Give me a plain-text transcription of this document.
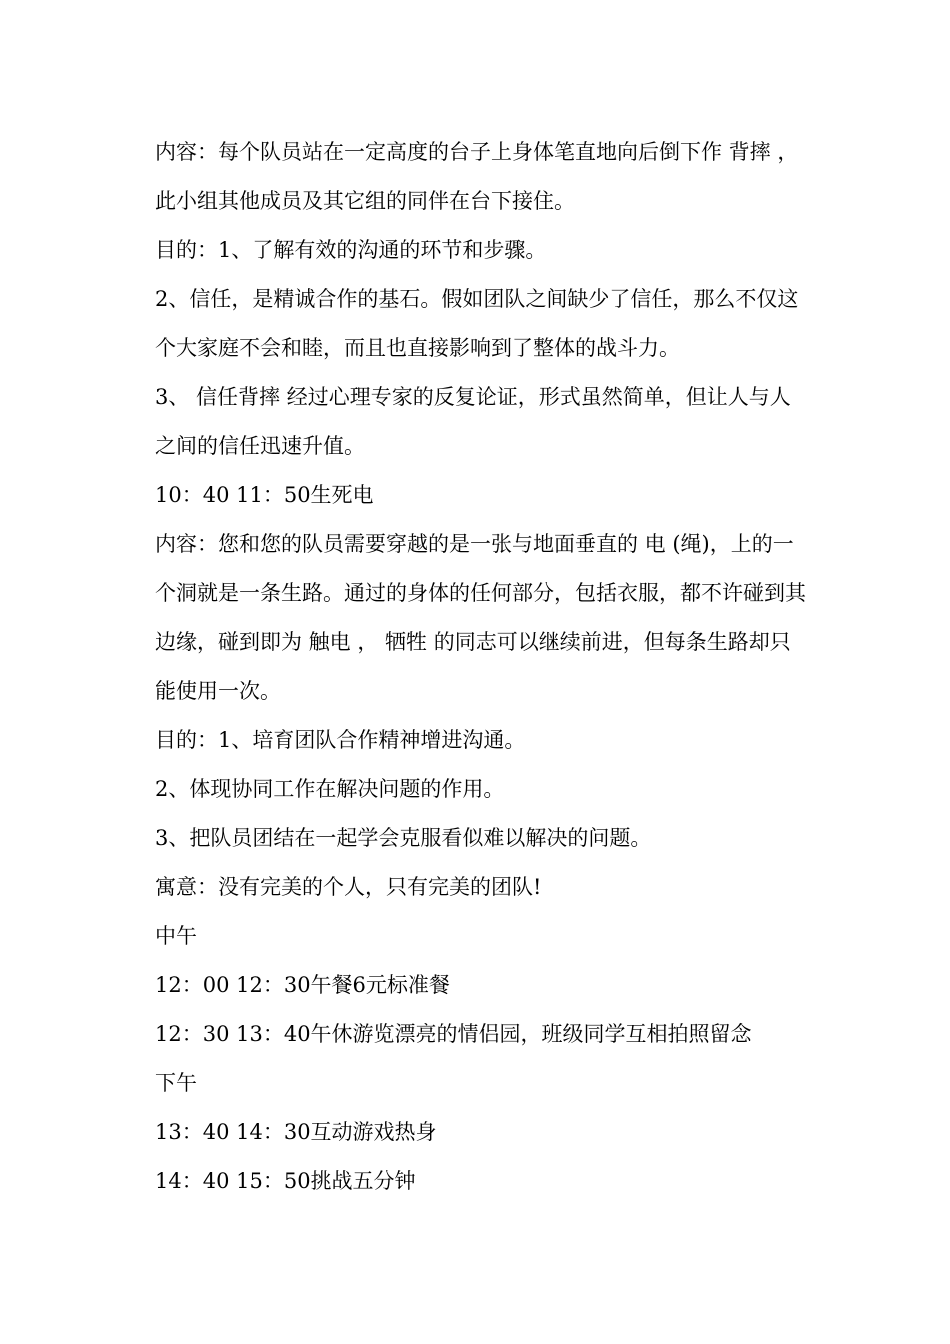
内容：每个队员站在一定高度的台子上身体笔直地向后倒下作 背摔 ，此小组其他成员及其它组的同伴在台下接住。

目的：1、了解有效的沟通的环节和步骤。

2、信任，是精诚合作的基石。假如团队之间缺少了信任，那么不仅这个大家庭不会和睦，而且也直接影响到了整体的战斗力。

3、 信任背摔 经过心理专家的反复论证，形式虽然简单，但让人与人之间的信任迅速升值。

10：40 11：50生死电

内容：您和您的队员需要穿越的是一张与地面垂直的 电 (绳)，上的一个洞就是一条生路。通过的身体的任何部分，包括衣服，都不许碰到其边缘，碰到即为 触电 ， 牺牲 的同志可以继续前进，但每条生路却只能使用一次。

目的：1、培育团队合作精神增进沟通。

2、体现协同工作在解决问题的作用。

3、把队员团结在一起学会克服看似难以解决的问题。

寓意：没有完美的个人，只有完美的团队!

中午

12：00 12：30午餐6元标准餐

12：30 13：40午休游览漂亮的情侣园，班级同学互相拍照留念

下午

13：40 14：30互动游戏热身

14：40 15：50挑战五分钟
